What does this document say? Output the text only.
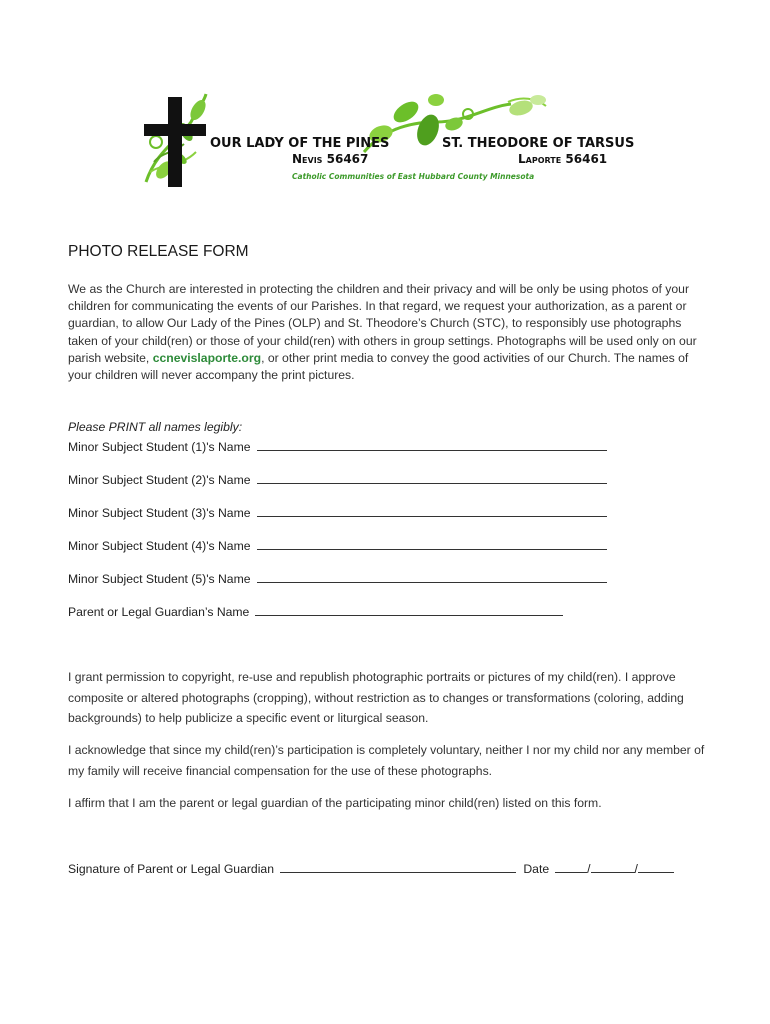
OUR LADY OF THE PINES
Nevis 56467
ST. THEODORE OF TARSUS
Laporte 56461
Catholic Communities of East Hubbard County Minnesota
PHOTO RELEASE FORM
We as the Church are interested in protecting the children and their privacy and will be only be using photos of your children for communicating the events of our Parishes. In that regard, we request your authorization, as a parent or guardian, to allow Our Lady of the Pines (OLP) and St. Theodore’s Church (STC), to responsibly use photographs taken of your child(ren) or those of your child(ren) with others in group settings. Photographs will be used only on our parish website, ccnevislaporte.org, or other print media to convey the good activities of our Church. The names of your children will never accompany the print pictures.
Please PRINT all names legibly:
Minor Subject Student (1)'s Name
Minor Subject Student (2)'s Name
Minor Subject Student (3)'s Name
Minor Subject Student (4)'s Name
Minor Subject Student (5)'s Name
Parent or Legal Guardian’s Name
I grant permission to copyright, re-use and republish photographic portraits or pictures of my child(ren). I approve composite or altered photographs (cropping), without restriction as to changes or transformations (coloring, adding backgrounds) to help publicize a specific event or liturgical season.
I acknowledge that since my child(ren)’s participation is completely voluntary, neither I nor my child nor any member of my family will receive financial compensation for the use of these photographs.
I affirm that I am the parent or legal guardian of the participating minor child(ren) listed on this form.
Signature of Parent or Legal Guardian	Date	/	/
